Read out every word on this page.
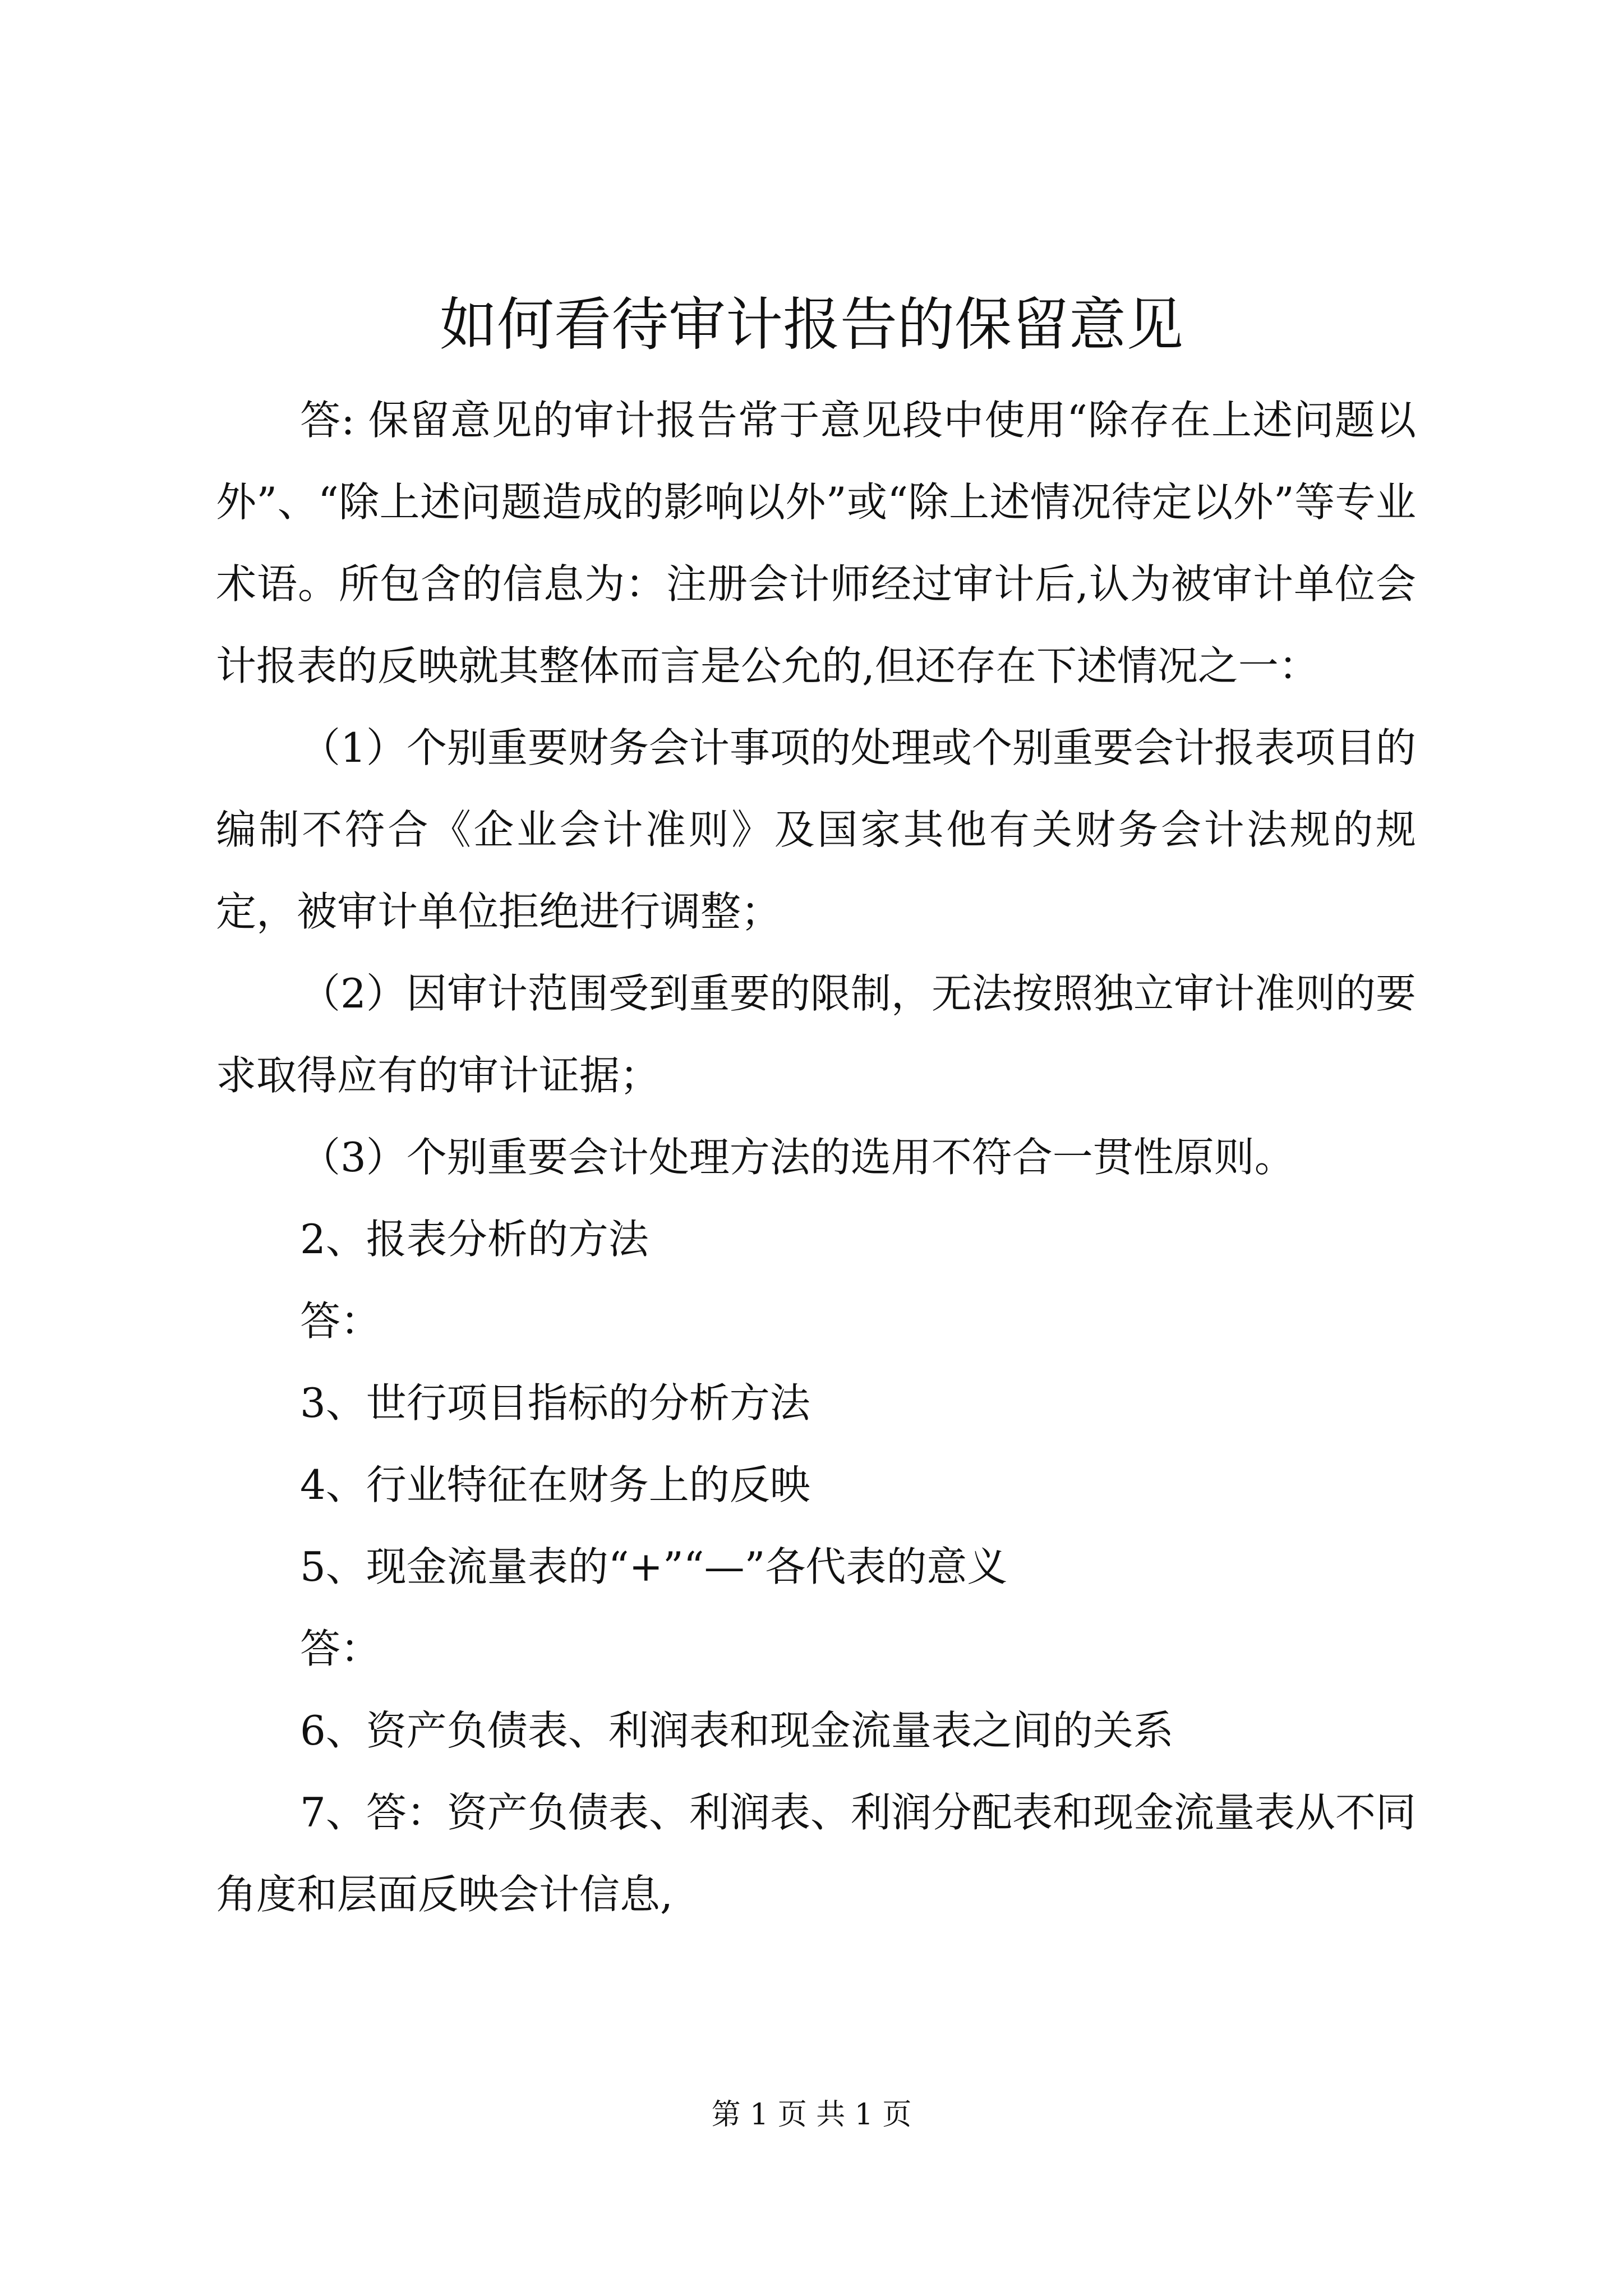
如何看待审计报告的保留意见

答: 保留意见的审计报告常于意见段中使用“除存在上述问题以外”、“除上述问题造成的影响以外”或“除上述情况待定以外”等专业术语。所包含的信息为：注册会计师经过审计后,认为被审计单位会计报表的反映就其整体而言是公允的,但还存在下述情况之一：

（1）个别重要财务会计事项的处理或个别重要会计报表项目的编制不符合《企业会计准则》及国家其他有关财务会计法规的规定，被审计单位拒绝进行调整；

（2）因审计范围受到重要的限制，无法按照独立审计准则的要求取得应有的审计证据；

（3）个别重要会计处理方法的选用不符合一贯性原则。

2、报表分析的方法

答：

3、世行项目指标的分析方法

4、行业特征在财务上的反映

5、现金流量表的“+”“—”各代表的意义

答：

6、资产负债表、利润表和现金流量表之间的关系

7、答：资产负债表、利润表、利润分配表和现金流量表从不同角度和层面反映会计信息,

第 1 页 共 1 页
